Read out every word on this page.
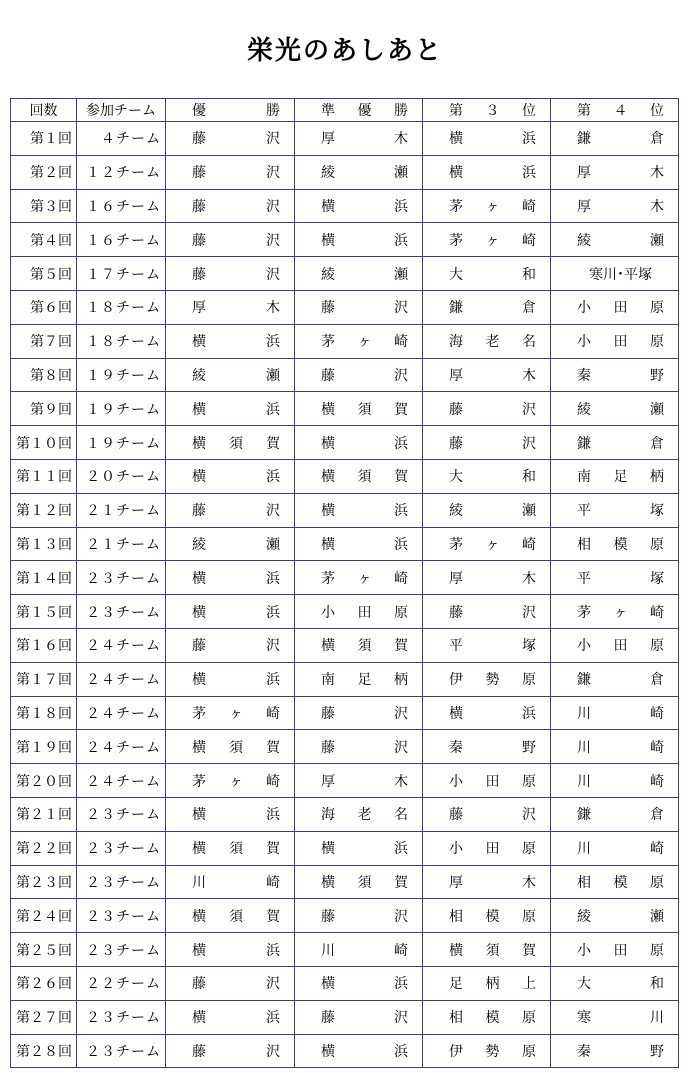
栄光のあしあと
回数	参加チーム	優 勝	準 優 勝	第 ３ 位	第 ４ 位

第１回	４チーム	藤 沢	厚 木	横 浜	鎌 倉

第２回	１２チーム	藤 沢	綾 瀬	横 浜	厚 木

第３回	１６チーム	藤 沢	横 浜	茅 ヶ 崎	厚 木

第４回	１６チーム	藤 沢	横 浜	茅 ヶ 崎	綾 瀬

第５回	１７チーム	藤 沢	綾 瀬	大 和	寒川･平塚

第６回	１８チーム	厚 木	藤 沢	鎌 倉	小 田 原

第７回	１８チーム	横 浜	茅 ヶ 崎	海 老 名	小 田 原

第８回	１９チーム	綾 瀬	藤 沢	厚 木	秦 野

第９回	１９チーム	横 浜	横 須 賀	藤 沢	綾 瀬

第１０回	１９チーム	横 須 賀	横 浜	藤 沢	鎌 倉

第１１回	２０チーム	横 浜	横 須 賀	大 和	南 足 柄

第１２回	２１チーム	藤 沢	横 浜	綾 瀬	平 塚

第１３回	２１チーム	綾 瀬	横 浜	茅 ヶ 崎	相 模 原

第１４回	２３チーム	横 浜	茅 ヶ 崎	厚 木	平 塚

第１５回	２３チーム	横 浜	小 田 原	藤 沢	茅 ヶ 崎

第１６回	２４チーム	藤 沢	横 須 賀	平 塚	小 田 原

第１７回	２４チーム	横 浜	南 足 柄	伊 勢 原	鎌 倉

第１８回	２４チーム	茅 ヶ 崎	藤 沢	横 浜	川 崎

第１９回	２４チーム	横 須 賀	藤 沢	秦 野	川 崎

第２０回	２４チーム	茅 ヶ 崎	厚 木	小 田 原	川 崎

第２１回	２３チーム	横 浜	海 老 名	藤 沢	鎌 倉

第２２回	２３チーム	横 須 賀	横 浜	小 田 原	川 崎

第２３回	２３チーム	川 崎	横 須 賀	厚 木	相 模 原

第２４回	２３チーム	横 須 賀	藤 沢	相 模 原	綾 瀬

第２５回	２３チーム	横 浜	川 崎	横 須 賀	小 田 原

第２６回	２２チーム	藤 沢	横 浜	足 柄 上	大 和

第２７回	２３チーム	横 浜	藤 沢	相 模 原	寒 川

第２８回	２３チーム	藤 沢	横 浜	伊 勢 原	秦 野
